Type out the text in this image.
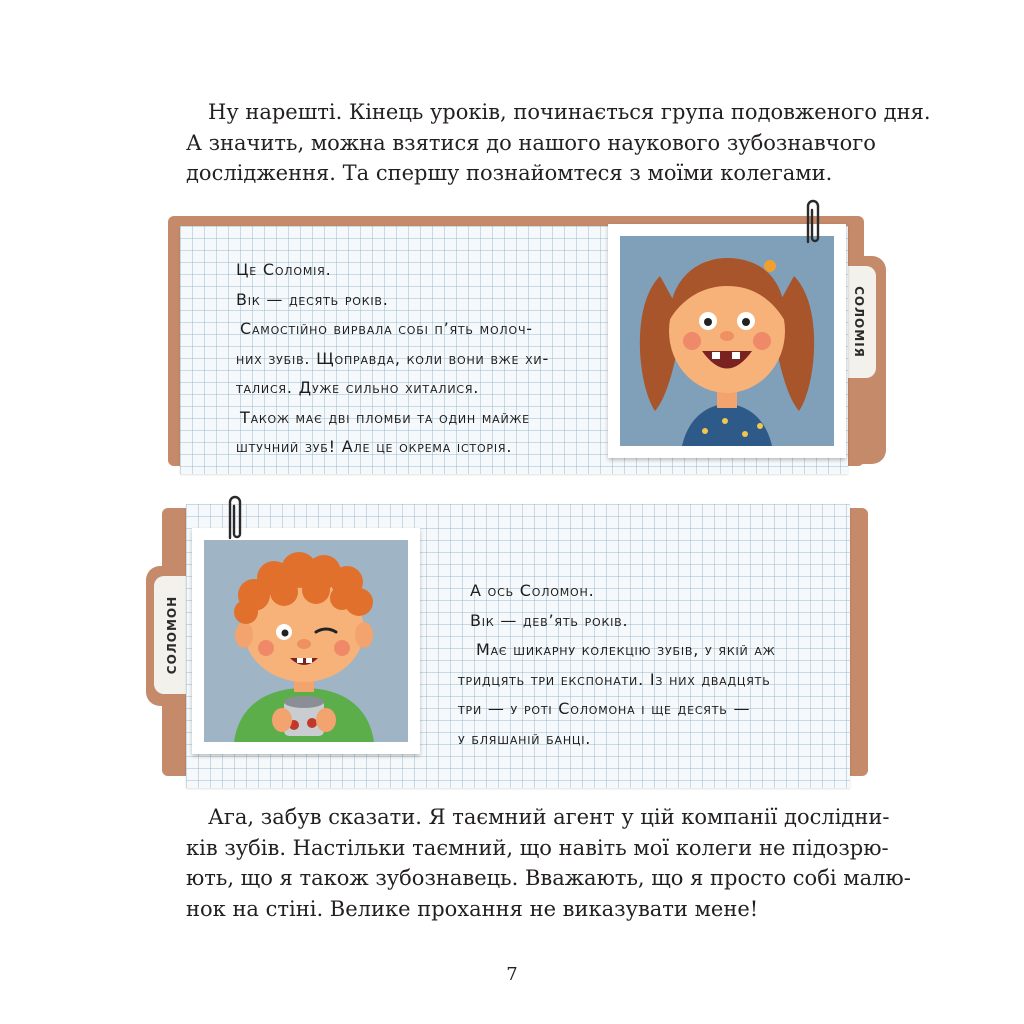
Ну нарешті. Кінець уроків, починається група подовженого дня.
А значить, можна взятися до нашого наукового зубознавчого
дослідження. Та спершу познайомтеся з моїми колегами.

СОЛОМІЯ
Це Соломія.
Вік — десять років.
Самостійно вирвала собі п’ять молоч-
них зубів. Щоправда, коли вони вже хи-
талися. Дуже сильно хиталися.
Також має дві пломби та один майже
штучний зуб! Але це окрема історія.
СОЛОМОН
А ось Соломон.
Вік — дев’ять років.
Має шикарну колекцію зубів, у якій аж
тридцять три експонати. Із них двадцять
три — у роті Соломона і ще десять —
у бляшаній банці.

Ага, забув сказати. Я таємний агент у цій компанії дослідни-
ків зубів. Настільки таємний, що навіть мої колеги не підозрю-
ють, що я також зубознавець. Вважають, що я просто собі малю-
нок на стіні. Велике прохання не виказувати мене!

7
